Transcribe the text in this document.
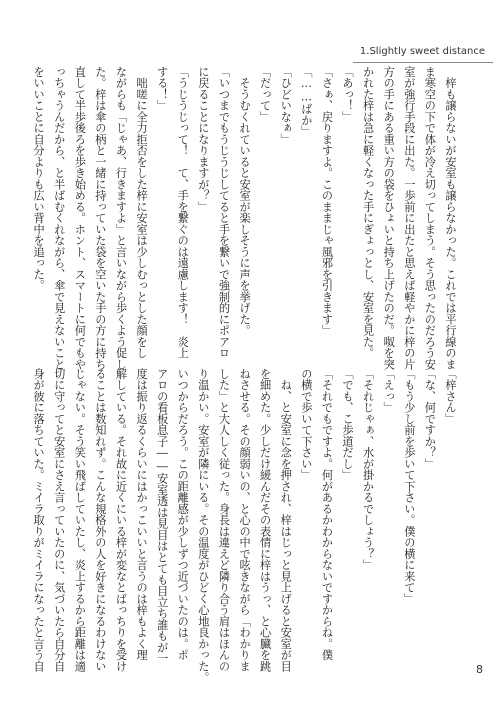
1.Slightly sweet distance
　梓も譲らないが安室も譲らなかった。これでは平行線のま
ま寒空の下で体が冷え切ってしまう。そう思ったのだろう安
室が強行手段に出た。一歩前に出たと思えば軽やかに梓の片
方の手にある重い方の袋をひょいと持ち上げたのだ。呶を突
かれた梓は急に軽くなった手にぎょっとし、安室を見た。
「あっ！」
「さぁ、戻りますよ。このままじゃ風邪を引きます」
「……ばか」
「ひどいなぁ」
「だって」
　そうむくれていると安室が楽しそうに声を挙げた。
「いつまでもうじうじしてると手を繋いで強制的にポアロ
に戻ることになりますが？」
「うじうじって！　て、手を繋ぐのは遠慮します！　炎上
する！」
　咄嗟に全力拒否をした梓に安室は少しむっとした顔をし
ながらも「じゃあ、行きますよ」と言いながら歩くよう促し
た。梓は傘の柄と一緒に持っていた袋を空いた手の方に持ち
直して半歩後ろを歩き始める。ホント、スマートに何でもや
っちゃうんだから、と半ばむくれながら、傘で見えないこと
をいいことに自分よりも広い背中を追った。
「梓さん」
「な、何ですか？」
「もう少し前を歩いて下さい。僕の横に来て」
「えっ」
「それじゃぁ、水が掛かるでしょう？」
「でも、こ歩道だし」
「それでもですよ。何があるかわからないですからね。僕
の横で歩いて下さい」
　ね、と安室に念を押され、梓はじっと見上げると安室が目
を細めた。少しだけ緩んだその表情に梓はうっ、と心臓を跳
ねさせる。その顔弱いの、と心の中で呟きながら「わかりま
した」と大人しく従った。身長は違えど隣り合う肩はほんの
り温かい。安室が隣にいる。その温度がひどく心地良かった。
いつからだろう。この距離感が少しずつ近づいたのは。ポ
アロの看板息子――安室透は見目はとても目立ち誰もが一
度は振り返るくらいにはかっこいいと言うのは梓もよく理
解している。それ故に近くにいる梓が変なとばっちりを受け
ることは数知れず。こんな規格外の人を好きになるわけない
じゃない。そう笑い飛ばしていたし、炎上するから距離は適
切に守ってと安室にさえ言っていたのに、気づいたら自分自
身が彼に落ちていた。ミイラ取りがミイラになったと言う自	8
